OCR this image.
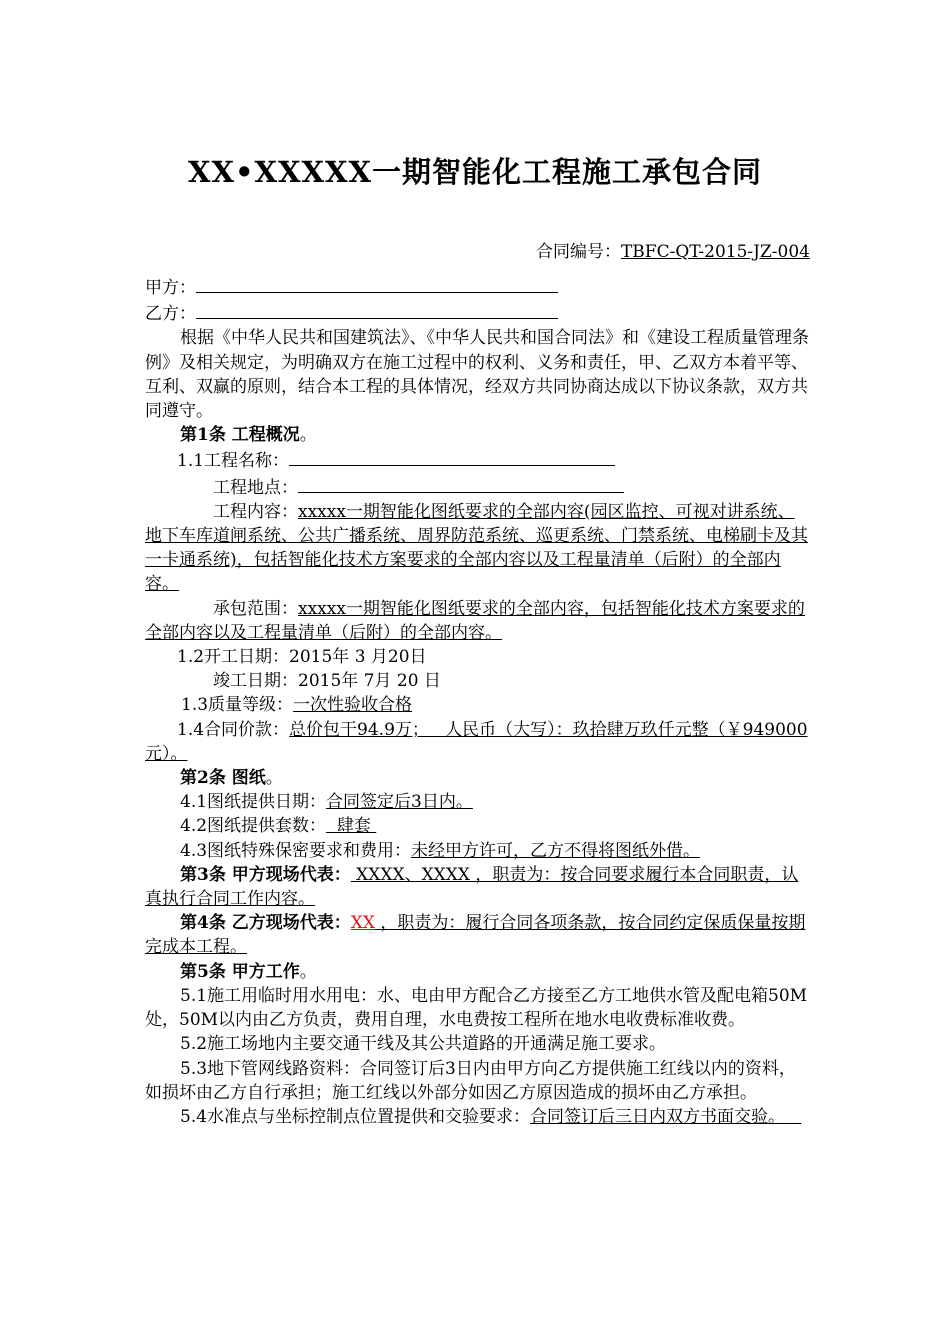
XX•XXXXX一期智能化工程施工承包合同
合同编号：TBFC-QT-2015-JZ-004

甲方：

乙方：

根据《中华人民共和国建筑法》、《中华人民共和国合同法》和《建设工程质量管理条例》及相关规定，为明确双方在施工过程中的权利、义务和责任，甲、乙双方本着平等、互利、双赢的原则，结合本工程的具体情况，经双方共同协商达成以下协议条款，双方共同遵守。

第1条 工程概况。

1.1工程名称：

工程地点：

工程内容：xxxxx一期智能化图纸要求的全部内容(园区监控、可视对讲系统、地下车库道闸系统、公共广播系统、周界防范系统、巡更系统、门禁系统、电梯刷卡及其一卡通系统)，包括智能化技术方案要求的全部内容以及工程量清单（后附）的全部内容。

承包范围：xxxxx一期智能化图纸要求的全部内容，包括智能化技术方案要求的全部内容以及工程量清单（后附）的全部内容。

1.2开工日期：2015年 3 月20日

竣工日期：2015年 7月 20 日

1.3质量等级：一次性验收合格

1.4合同价款：总价包干94.9万； 人民币（大写）：玖拾肆万玖仟元整（￥949000元）。

第2条 图纸。

4.1图纸提供日期：合同签定后3日内。

4.2图纸提供套数： 肆套

4.3图纸特殊保密要求和费用：未经甲方许可，乙方不得将图纸外借。

第3条 甲方现场代表： XXXX、XXXX ，职责为：按合同要求履行本合同职责，认真执行合同工作内容。

第4条 乙方现场代表：XX ，职责为：履行合同各项条款，按合同约定保质保量按期完成本工程。

第5条 甲方工作。

5.1施工用临时用水用电：水、电由甲方配合乙方接至乙方工地供水管及配电箱50M处，50M以内由乙方负责，费用自理，水电费按工程所在地水电收费标准收费。

5.2施工场地内主要交通干线及其公共道路的开通满足施工要求。

5.3地下管网线路资料：合同签订后3日内由甲方向乙方提供施工红线以内的资料，如损坏由乙方自行承担；施工红线以外部分如因乙方原因造成的损坏由乙方承担。

5.4水准点与坐标控制点位置提供和交验要求：合同签订后三日内双方书面交验。
